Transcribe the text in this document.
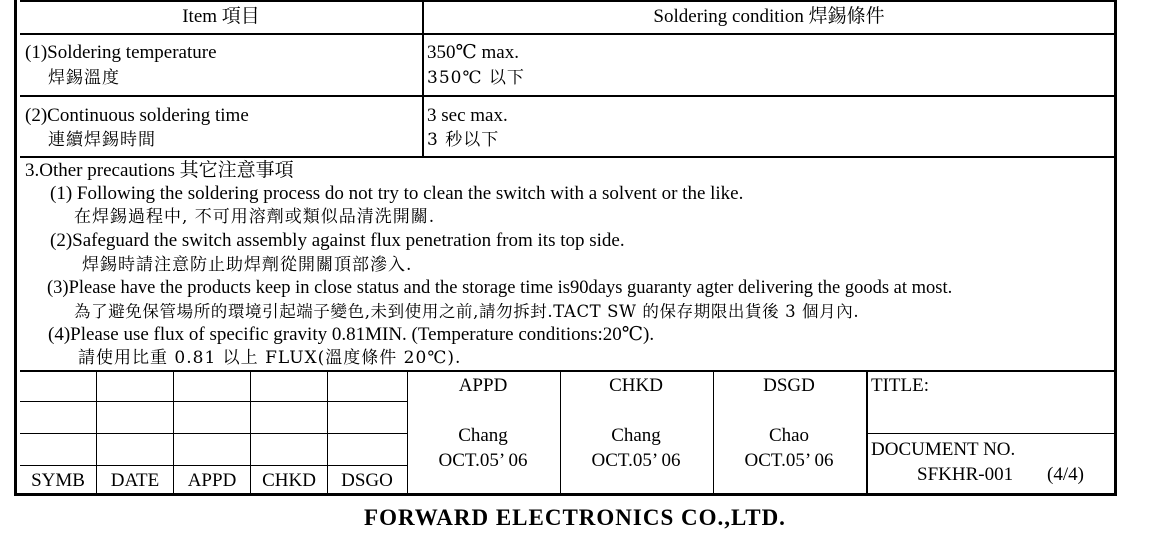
Item 項目	Soldering condition 焊錫條件
(1)Soldering temperature
焊錫溫度
350℃ max.
350℃ 以下
(2)Continuous soldering time
連續焊錫時間
3 sec max.
3 秒以下
3.Other precautions 其它注意事項
(1) Following the soldering process do not try to clean the switch with a solvent or the like.
在焊錫過程中, 不可用溶劑或類似品清洗開關.
(2)Safeguard the switch assembly against flux penetration from its top side.
焊錫時請注意防止助焊劑從開關頂部滲入.
(3)Please have the products keep in close status and the storage time is90days guaranty agter delivering the goods at most.
為了避免保管場所的環境引起端子變色,未到使用之前,請勿拆封.TACT SW 的保存期限出貨後 3 個月內.
(4)Please use flux of specific gravity 0.81MIN. (Temperature conditions:20℃).
請使用比重 0.81 以上 FLUX(溫度條件 20℃).
SYMB DATE APPD CHKD DSGO
APPD
Chang
OCT.05’ 06
CHKD
Chang
OCT.05’ 06
DSGD
Chao
OCT.05’ 06
TITLE:
DOCUMENT NO.
SFKHR-001 (4/4)
FORWARD ELECTRONICS CO.,LTD.
